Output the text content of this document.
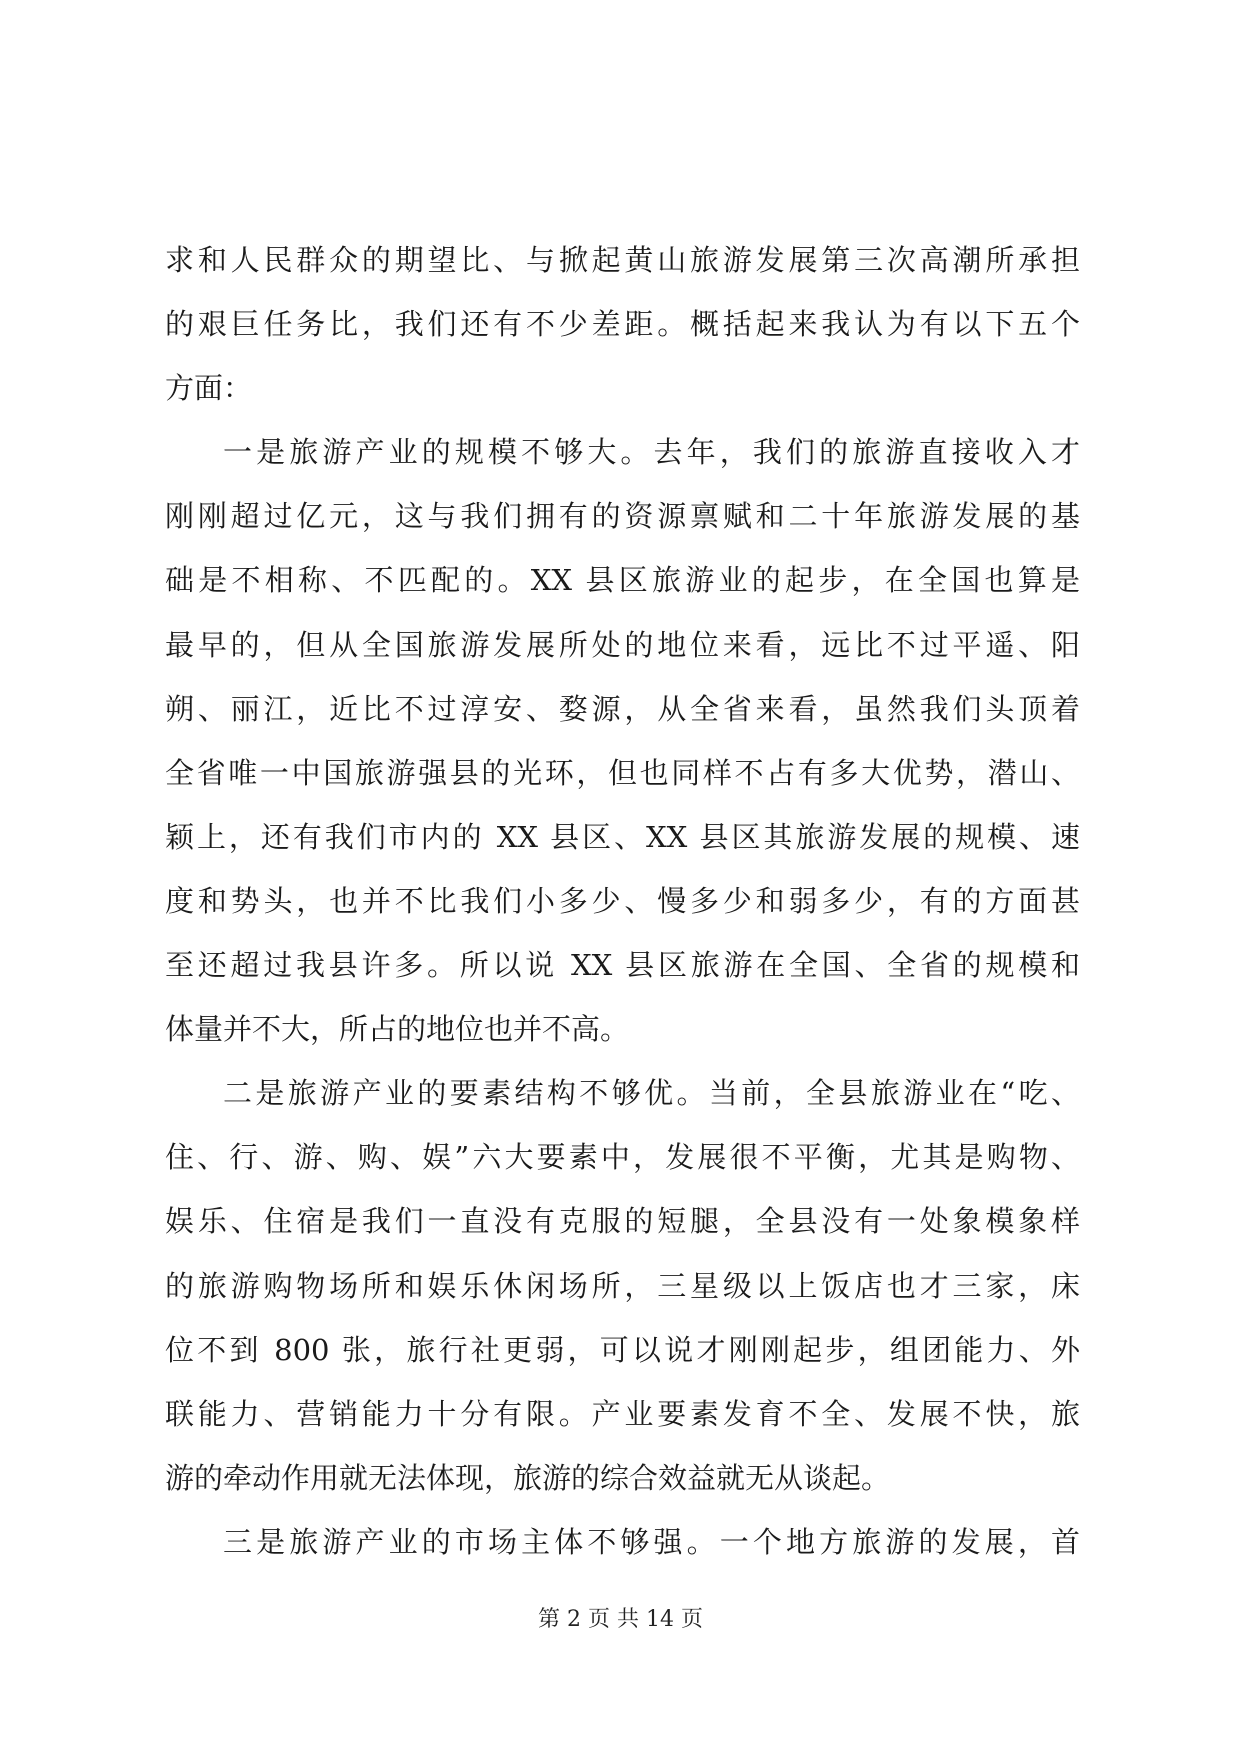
求和人民群众的期望比、与掀起黄山旅游发展第三次高潮所承担
的艰巨任务比，我们还有不少差距。概括起来我认为有以下五个
方面：
一是旅游产业的规模不够大。去年，我们的旅游直接收入才
刚刚超过亿元，这与我们拥有的资源禀赋和二十年旅游发展的基
础是不相称、不匹配的。XX 县区旅游业的起步，在全国也算是
最早的，但从全国旅游发展所处的地位来看，远比不过平遥、阳
朔、丽江，近比不过淳安、婺源，从全省来看，虽然我们头顶着
全省唯一中国旅游强县的光环，但也同样不占有多大优势，潜山、
颖上，还有我们市内的 XX 县区、XX 县区其旅游发展的规模、速
度和势头，也并不比我们小多少、慢多少和弱多少，有的方面甚
至还超过我县许多。所以说 XX 县区旅游在全国、全省的规模和
体量并不大，所占的地位也并不高。
二是旅游产业的要素结构不够优。当前，全县旅游业在“吃、
住、行、游、购、娱”六大要素中，发展很不平衡，尤其是购物、
娱乐、住宿是我们一直没有克服的短腿，全县没有一处象模象样
的旅游购物场所和娱乐休闲场所，三星级以上饭店也才三家，床
位不到 800 张，旅行社更弱，可以说才刚刚起步，组团能力、外
联能力、营销能力十分有限。产业要素发育不全、发展不快，旅
游的牵动作用就无法体现，旅游的综合效益就无从谈起。
三是旅游产业的市场主体不够强。一个地方旅游的发展，首
第 2 页 共 14 页
